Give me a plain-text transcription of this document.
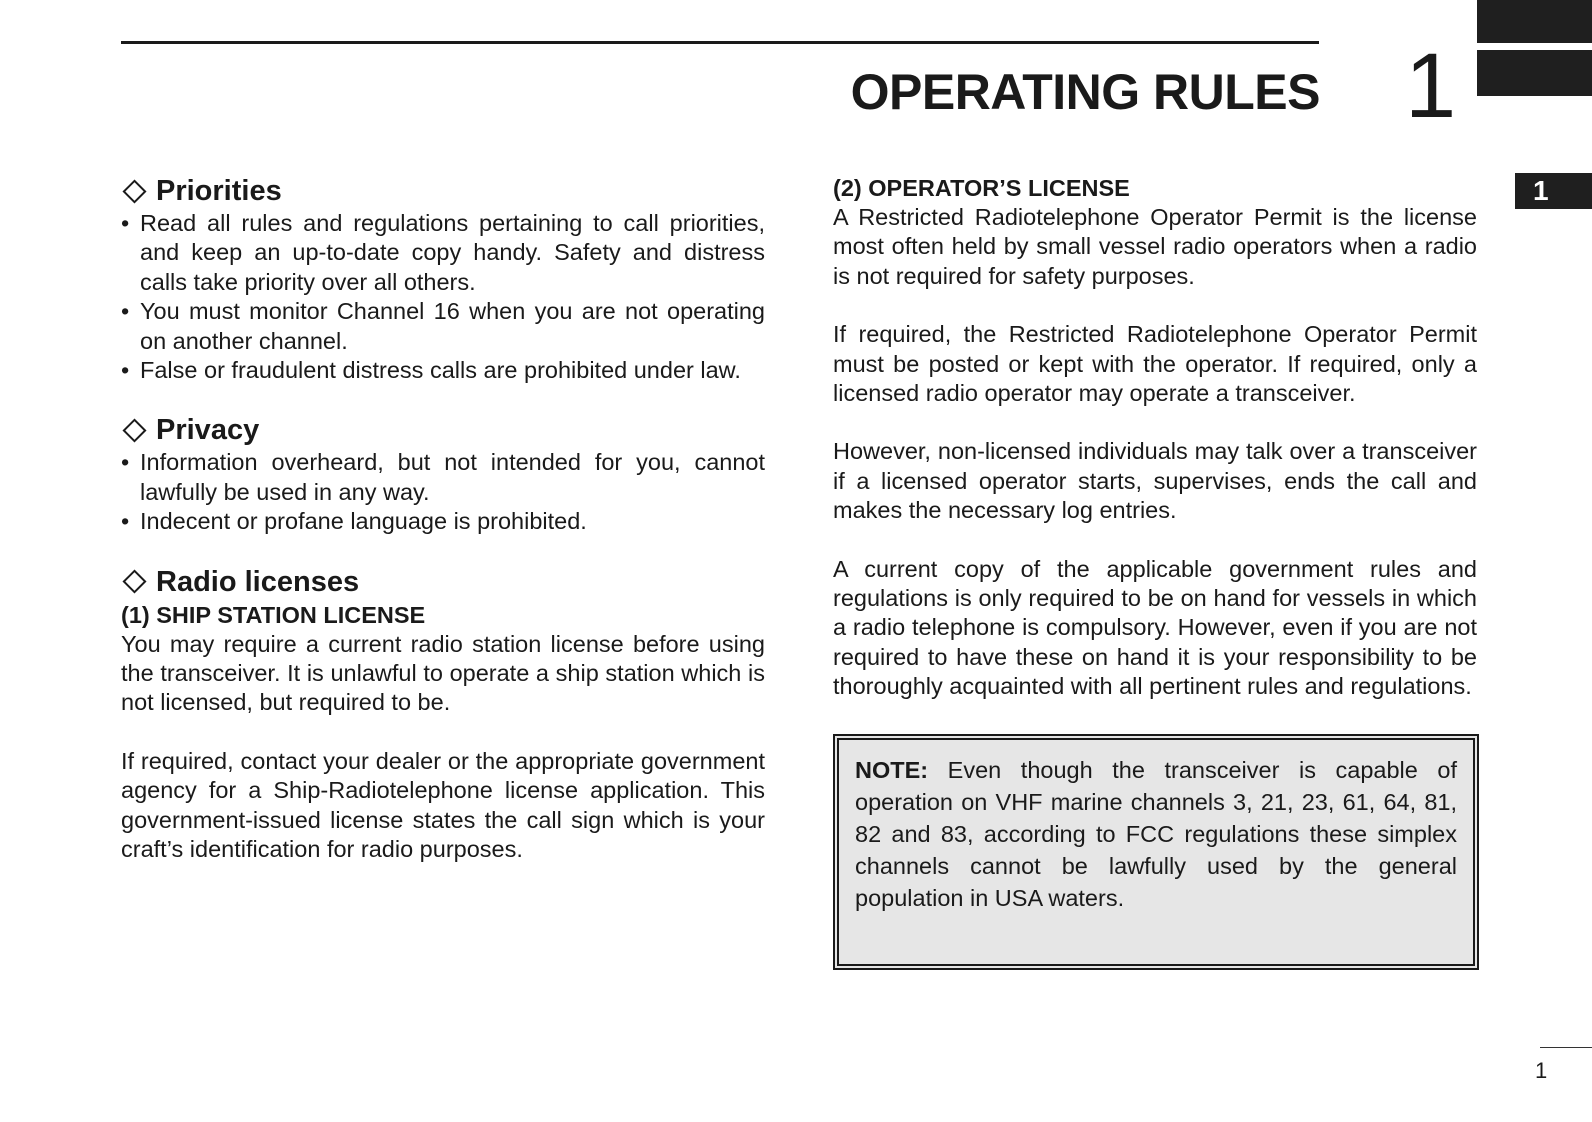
OPERATING RULES 1
1
Priorities
• Read all rules and regulations pertaining to call priorities, and keep an up-to-date copy handy. Safety and distress calls take priority over all others.
• You must monitor Channel 16 when you are not operating on another channel.
• False or fraudulent distress calls are prohibited under law.
Privacy
• Information overheard, but not intended for you, cannot lawfully be used in any way.
• Indecent or profane language is prohibited.
Radio licenses
(1) SHIP STATION LICENSE

You may require a current radio station license before using the transceiver. It is unlawful to operate a ship station which is not licensed, but required to be.

If required, contact your dealer or the appropriate government agency for a Ship-Radiotelephone license application. This government-issued license states the call sign which is your craft’s identification for radio purposes.

(2) OPERATOR’S LICENSE

A Restricted Radiotelephone Operator Permit is the license most often held by small vessel radio operators when a radio is not required for safety purposes.

If required, the Restricted Radiotelephone Operator Permit must be posted or kept with the operator. If required, only a licensed radio operator may operate a transceiver.

However, non-licensed individuals may talk over a transceiver if a licensed operator starts, supervises, ends the call and makes the necessary log entries.

A current copy of the applicable government rules and regulations is only required to be on hand for vessels in which a radio telephone is compulsory. However, even if you are not required to have these on hand it is your responsibility to be thoroughly acquainted with all pertinent rules and regulations.

NOTE: Even though the transceiver is capable of operation on VHF marine channels 3, 21, 23, 61, 64, 81, 82 and 83, according to FCC regulations these simplex channels cannot be lawfully used by the general population in USA waters.
1
